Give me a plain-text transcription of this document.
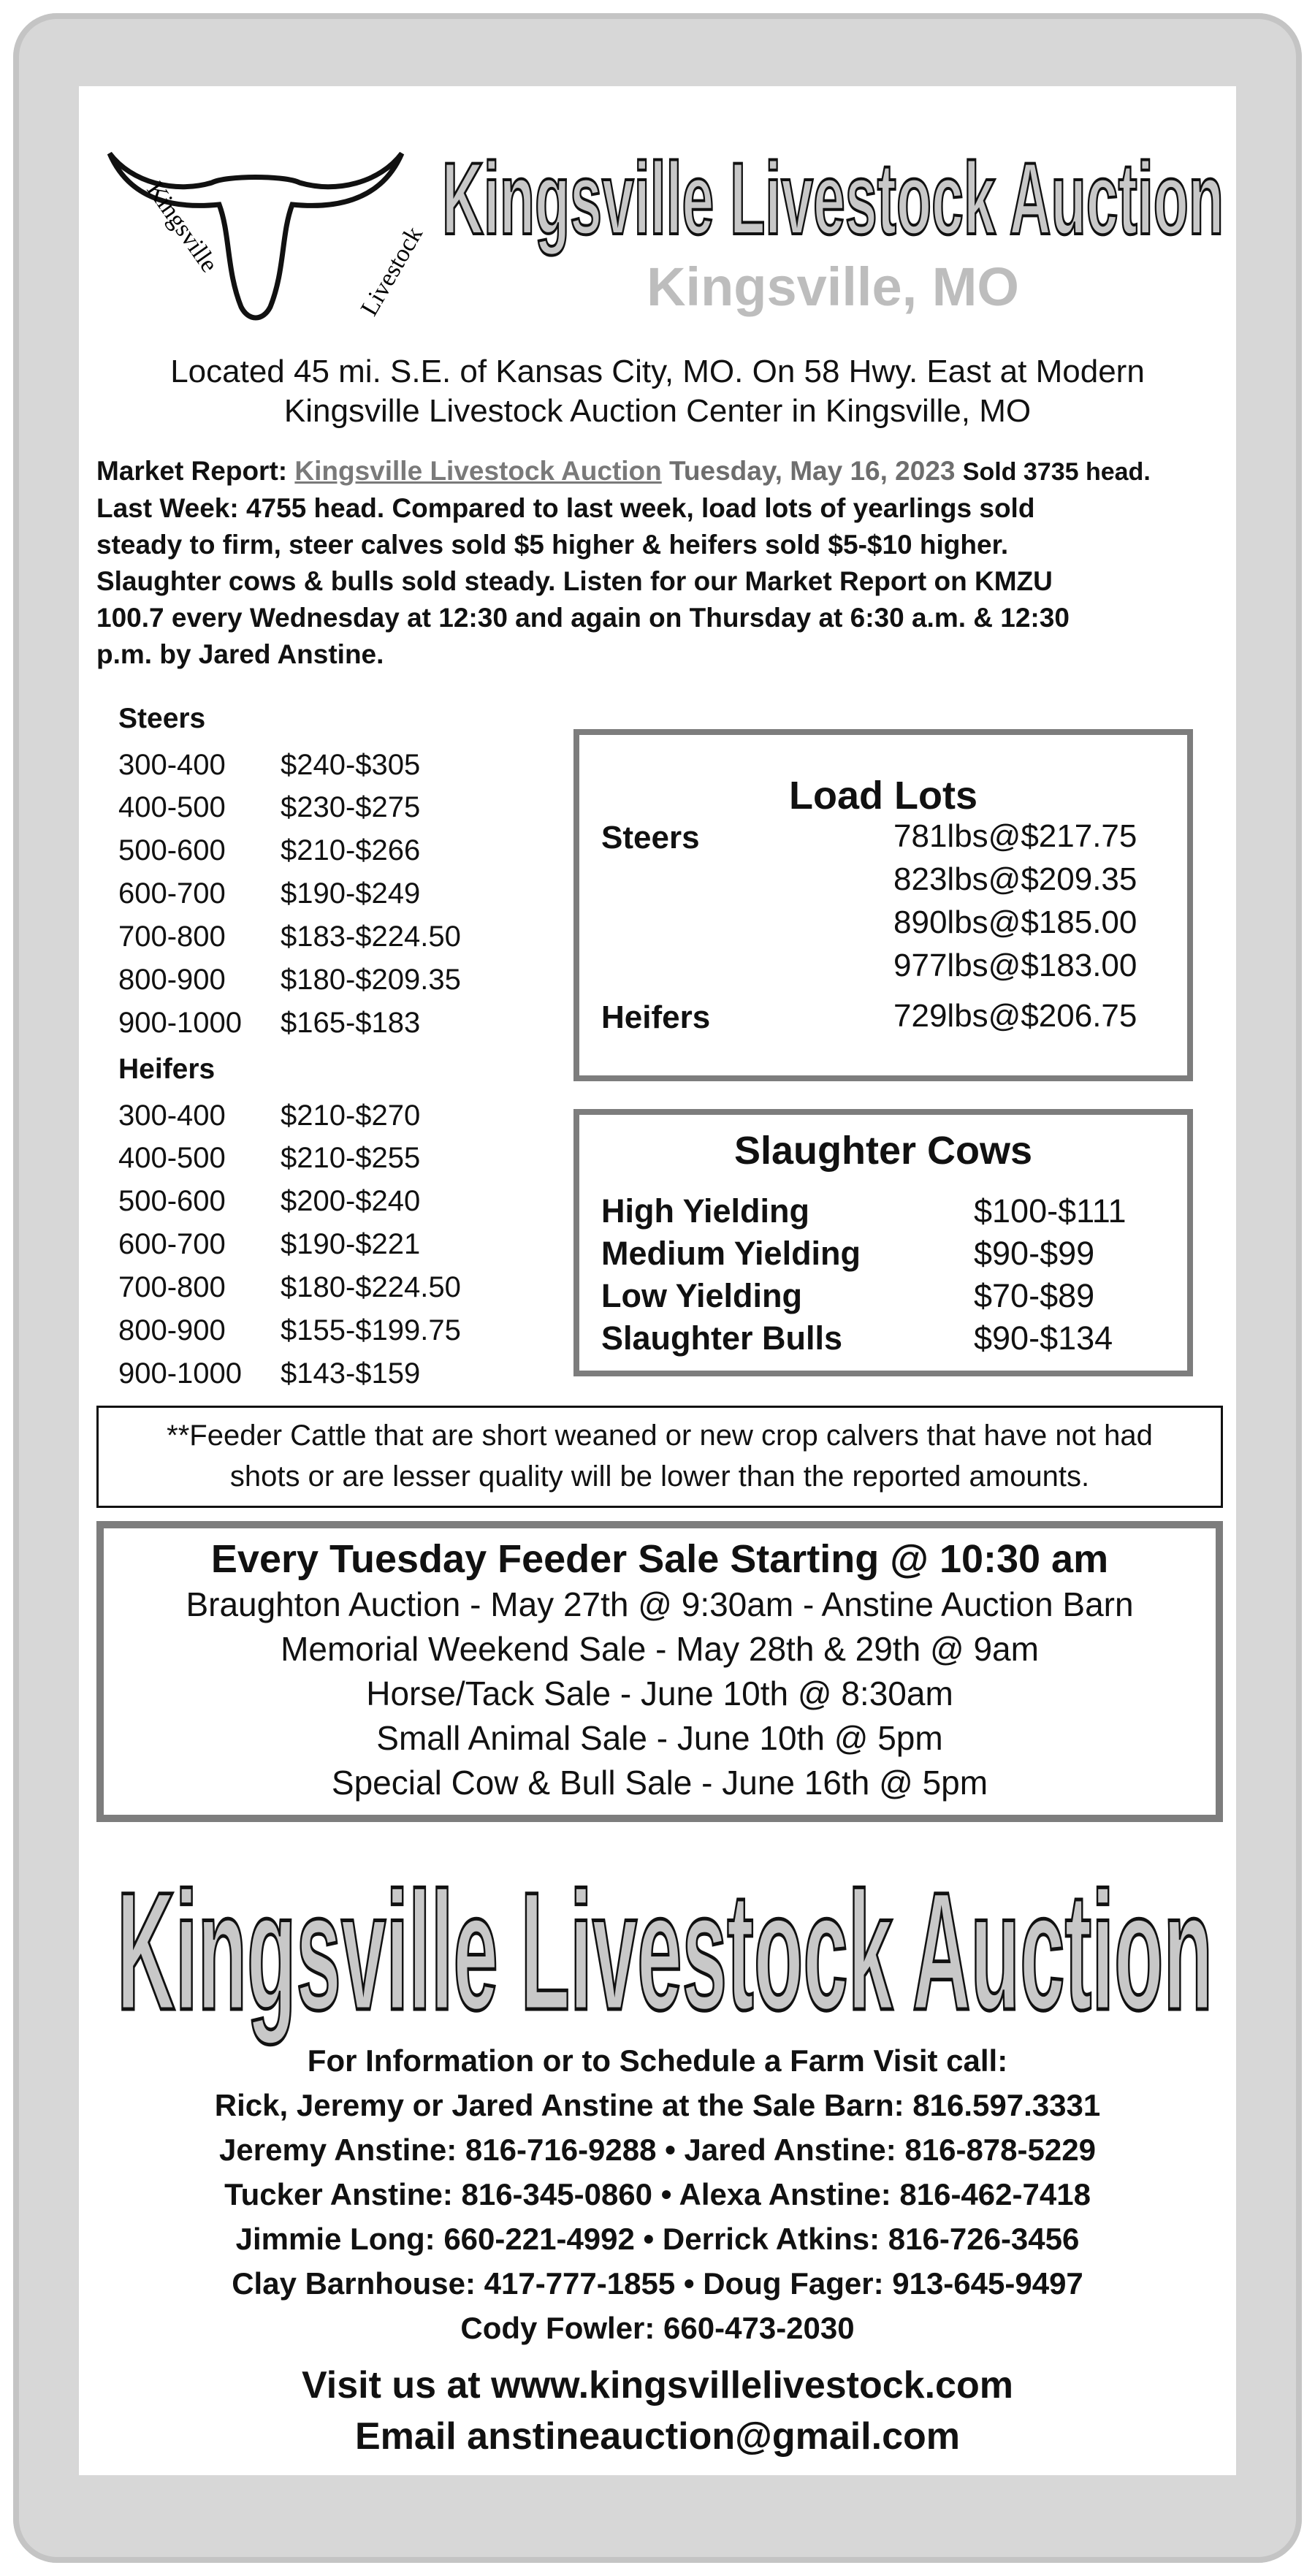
Kingsville	Livestock
Kingsville Livestock Auction
Kingsville, MO
Located 45 mi. S.E. of Kansas City, MO. On 58 Hwy. East at Modern
Kingsville Livestock Auction Center in Kingsville, MO
Market Report: Kingsville Livestock Auction Tuesday, May 16, 2023 Sold 3735 head.
Last Week: 4755 head. Compared to last week, load lots of yearlings sold
steady to firm, steer calves sold $5 higher & heifers sold $5-$10 higher.
Slaughter cows & bulls sold steady. Listen for our Market Report on KMZU
100.7 every Wednesday at 12:30 and again on Thursday at 6:30 a.m. & 12:30
p.m. by Jared Anstine.
Steers
300-400 $240-$305
400-500 $230-$275
500-600 $210-$266
600-700 $190-$249
700-800 $183-$224.50
800-900 $180-$209.35
900-1000 $165-$183
Heifers
300-400 $210-$270
400-500 $210-$255
500-600 $200-$240
600-700 $190-$221
700-800 $180-$224.50
800-900 $155-$199.75
900-1000 $143-$159
Load Lots
Steers	781lbs@$217.75
823lbs@$209.35
890lbs@$185.00
977lbs@$183.00
Heifers	729lbs@$206.75
Slaughter Cows
High Yielding	$100-$111
Medium Yielding	$90-$99
Low Yielding	$70-$89
Slaughter Bulls	$90-$134
**Feeder Cattle that are short weaned or new crop calvers that have not had
shots or are lesser quality will be lower than the reported amounts.
Every Tuesday Feeder Sale Starting @ 10:30 am
Braughton Auction - May 27th @ 9:30am - Anstine Auction Barn
Memorial Weekend Sale - May 28th & 29th @ 9am
Horse/Tack Sale - June 10th @ 8:30am
Small Animal Sale - June 10th @ 5pm
Special Cow & Bull Sale - June 16th @ 5pm
Kingsville Livestock Auction
For Information or to Schedule a Farm Visit call:
Rick, Jeremy or Jared Anstine at the Sale Barn: 816.597.3331
Jeremy Anstine: 816-716-9288 • Jared Anstine: 816-878-5229
Tucker Anstine: 816-345-0860 • Alexa Anstine: 816-462-7418
Jimmie Long: 660-221-4992 • Derrick Atkins: 816-726-3456
Clay Barnhouse: 417-777-1855 • Doug Fager: 913-645-9497
Cody Fowler: 660-473-2030
Visit us at www.kingsvillelivestock.com
Email anstineauction@gmail.com
